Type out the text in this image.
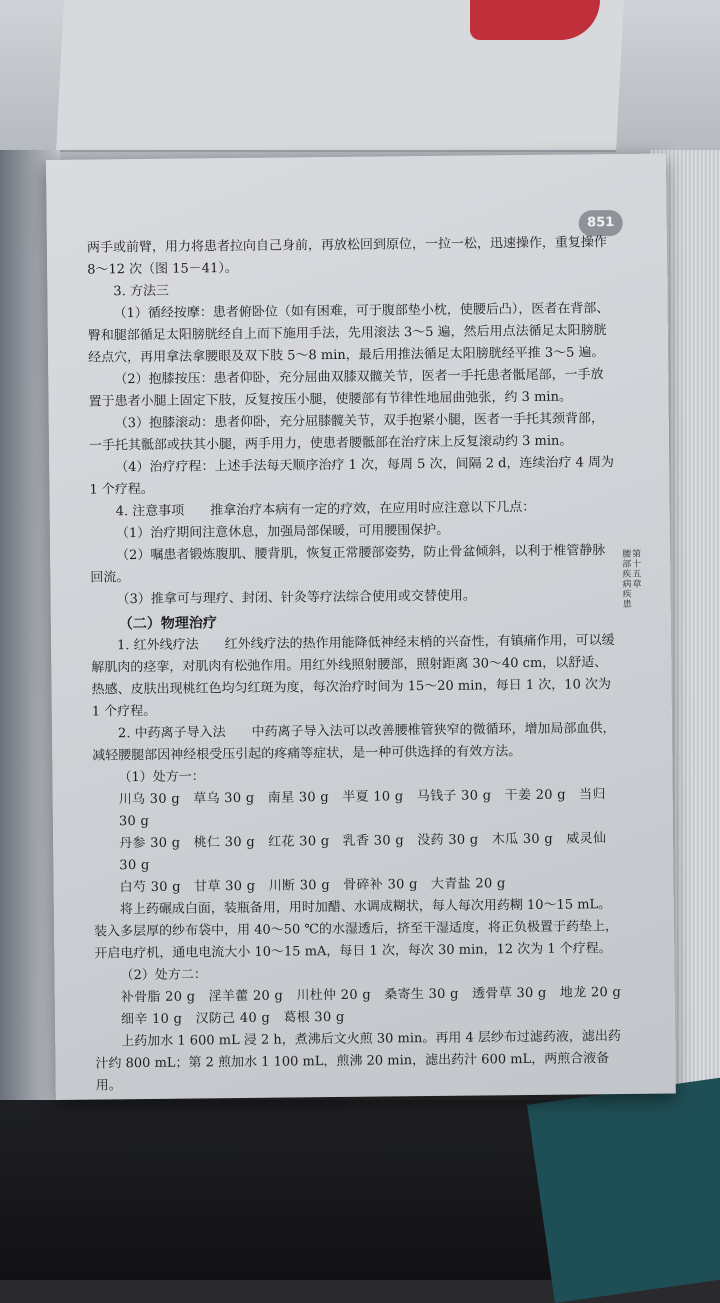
851
第十五章
腰部疾病疾患

两手或前臂，用力将患者拉向自己身前，再放松回到原位，一拉一松，迅速操作，重复操作 8～12 次（图 15－41）。

3. 方法三

（1）循经按摩：患者俯卧位（如有困难，可于腹部垫小枕，使腰后凸），医者在背部、臀和腿部循足太阳膀胱经自上而下施用手法，先用滚法 3～5 遍，然后用点法循足太阳膀胱经点穴，再用拿法拿腰眼及双下肢 5～8 min，最后用推法循足太阳膀胱经平推 3～5 遍。

（2）抱膝按压：患者仰卧，充分屈曲双膝双髋关节，医者一手托患者骶尾部，一手放置于患者小腿上固定下肢，反复按压小腿，使腰部有节律性地屈曲弛张，约 3 min。

（3）抱膝滚动：患者仰卧，充分屈膝髋关节，双手抱紧小腿，医者一手托其颈背部，一手托其骶部或扶其小腿，两手用力，使患者腰骶部在治疗床上反复滚动约 3 min。

（4）治疗疗程：上述手法每天顺序治疗 1 次，每周 5 次，间隔 2 d，连续治疗 4 周为 1 个疗程。

4. 注意事项　　推拿治疗本病有一定的疗效，在应用时应注意以下几点：

（1）治疗期间注意休息，加强局部保暖，可用腰围保护。

（2）嘱患者锻炼腹肌、腰背肌，恢复正常腰部姿势，防止骨盆倾斜，以利于椎管静脉回流。

（3）推拿可与理疗、封闭、针灸等疗法综合使用或交替使用。

（二）物理治疗

1. 红外线疗法　　红外线疗法的热作用能降低神经末梢的兴奋性，有镇痛作用，可以缓解肌肉的痉挛，对肌肉有松弛作用。用红外线照射腰部，照射距离 30～40 cm，以舒适、热感、皮肤出现桃红色均匀红斑为度，每次治疗时间为 15～20 min，每日 1 次，10 次为 1 个疗程。

2. 中药离子导入法　　中药离子导入法可以改善腰椎管狭窄的微循环，增加局部血供，减轻腰腿部因神经根受压引起的疼痛等症状，是一种可供选择的有效方法。

（1）处方一：

川乌 30 g　草乌 30 g　南星 30 g　半夏 10 g　马钱子 30 g　干姜 20 g　当归 30 g

丹参 30 g　桃仁 30 g　红花 30 g　乳香 30 g　没药 30 g　木瓜 30 g　威灵仙 30 g

白芍 30 g　甘草 30 g　川断 30 g　骨碎补 30 g　大青盐 20 g

将上药碾成白面，装瓶备用，用时加醋、水调成糊状，每人每次用药糊 10～15 mL。装入多层厚的纱布袋中，用 40～50 ℃的水湿透后，挤至干湿适度，将正负极置于药垫上，开启电疗机，通电电流大小 10～15 mA，每日 1 次，每次 30 min，12 次为 1 个疗程。

（2）处方二：

补骨脂 20 g　淫羊藿 20 g　川杜仲 20 g　桑寄生 30 g　透骨草 30 g　地龙 20 g

细辛 10 g　汉防己 40 g　葛根 30 g

上药加水 1 600 mL 浸 2 h，煮沸后文火煎 30 min。再用 4 层纱布过滤药液，滤出药汁约 800 mL；第 2 煎加水 1 100 mL，煎沸 20 min，滤出药汁 600 mL，两煎合液备用。
